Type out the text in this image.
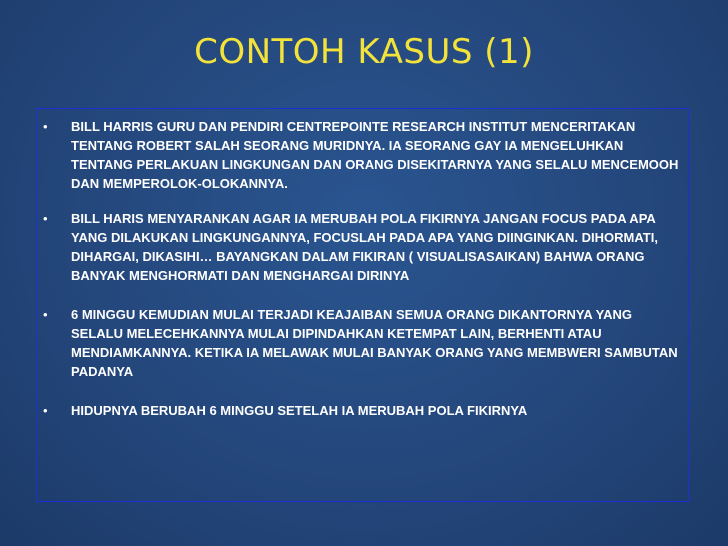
CONTOH KASUS (1)
• BILL HARRIS GURU DAN PENDIRI CENTREPOINTE RESEARCH INSTITUT MENCERITAKAN TENTANG ROBERT SALAH SEORANG MURIDNYA. IA SEORANG GAY IA MENGELUHKAN TENTANG PERLAKUAN LINGKUNGAN DAN ORANG DISEKITARNYA YANG SELALU MENCEMOOH DAN MEMPEROLOK-OLOKANNYA.
• BILL HARIS MENYARANKAN AGAR IA MERUBAH POLA FIKIRNYA JANGAN FOCUS PADA APA YANG DILAKUKAN LINGKUNGANNYA, FOCUSLAH PADA APA YANG DIINGINKAN. DIHORMATI, DIHARGAI, DIKASIHI… BAYANGKAN DALAM FIKIRAN ( VISUALISASAIKAN) BAHWA ORANG BANYAK MENGHORMATI DAN MENGHARGAI DIRINYA
• 6 MINGGU KEMUDIAN MULAI TERJADI KEAJAIBAN SEMUA ORANG DIKANTORNYA YANG SELALU MELECEHKANNYA MULAI DIPINDAHKAN KETEMPAT LAIN, BERHENTI ATAU MENDIAMKANNYA. KETIKA IA MELAWAK MULAI BANYAK ORANG YANG MEMBWERI SAMBUTAN PADANYA
• HIDUPNYA BERUBAH 6 MINGGU SETELAH IA MERUBAH POLA FIKIRNYA
